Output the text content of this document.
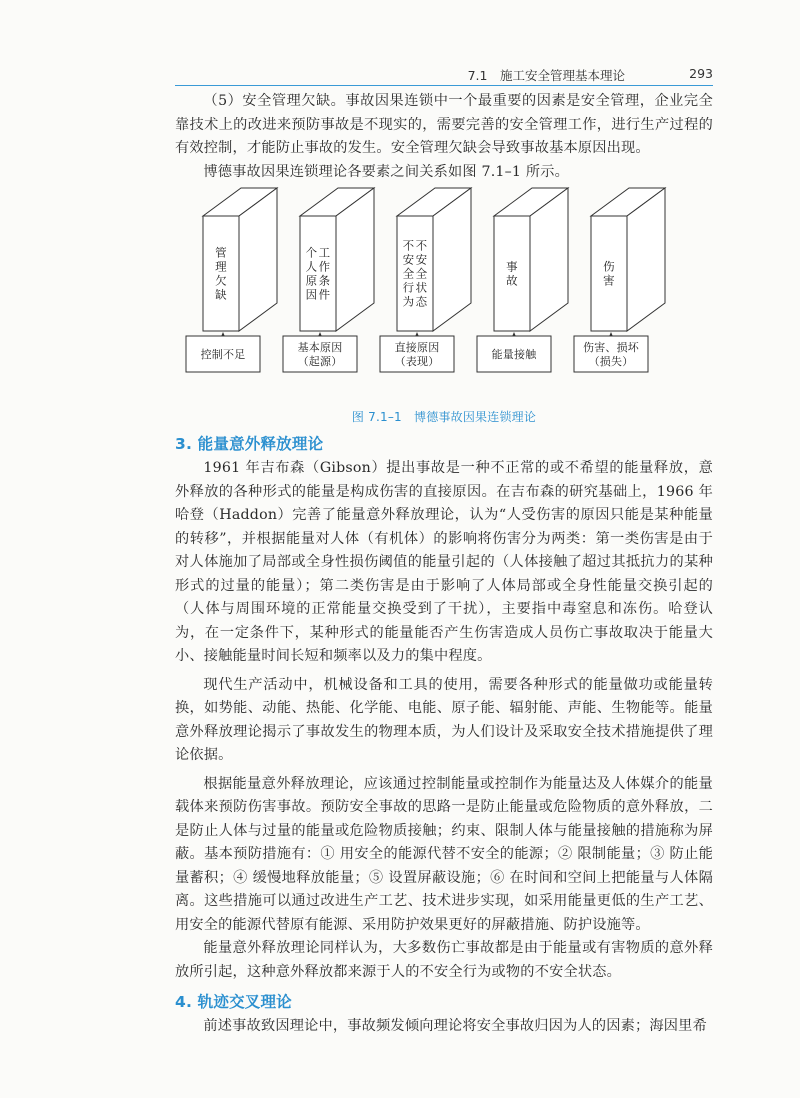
7.1　施工安全管理基本理论	293

（5）安全管理欠缺。事故因果连锁中一个最重要的因素是安全管理，企业完全靠技术上的改进来预防事故是不现实的，需要完善的安全管理工作，进行生产过程的有效控制，才能防止事故的发生。安全管理欠缺会导致事故基本原因出现。

博德事故因果连锁理论各要素之间关系如图 7.1–1 所示。

管
理
欠
缺
控制不足
工
作
条
件
个
人
原
因
基本原因
（起源）
不
安
全
状
态
不
安
全
行
为
直接原因
（表现）
事
故
能量接触
伤
害
伤害、损坏
（损失）
图 7.1–1　博德事故因果连锁理论
3. 能量意外释放理论

1961 年吉布森（Gibson）提出事故是一种不正常的或不希望的能量释放，意外释放的各种形式的能量是构成伤害的直接原因。在吉布森的研究基础上，1966 年哈登（Haddon）完善了能量意外释放理论，认为“人受伤害的原因只能是某种能量的转移”，并根据能量对人体（有机体）的影响将伤害分为两类：第一类伤害是由于对人体施加了局部或全身性损伤阈值的能量引起的（人体接触了超过其抵抗力的某种形式的过量的能量）；第二类伤害是由于影响了人体局部或全身性能量交换引起的（人体与周围环境的正常能量交换受到了干扰），主要指中毒窒息和冻伤。哈登认为，在一定条件下，某种形式的能量能否产生伤害造成人员伤亡事故取决于能量大小、接触能量时间长短和频率以及力的集中程度。

现代生产活动中，机械设备和工具的使用，需要各种形式的能量做功或能量转换，如势能、动能、热能、化学能、电能、原子能、辐射能、声能、生物能等。能量意外释放理论揭示了事故发生的物理本质，为人们设计及采取安全技术措施提供了理论依据。

根据能量意外释放理论，应该通过控制能量或控制作为能量达及人体媒介的能量载体来预防伤害事故。预防安全事故的思路一是防止能量或危险物质的意外释放，二是防止人体与过量的能量或危险物质接触；约束、限制人体与能量接触的措施称为屏蔽。基本预防措施有：① 用安全的能源代替不安全的能源；② 限制能量；③ 防止能量蓄积；④ 缓慢地释放能量；⑤ 设置屏蔽设施；⑥ 在时间和空间上把能量与人体隔离。这些措施可以通过改进生产工艺、技术进步实现，如采用能量更低的生产工艺、用安全的能源代替原有能源、采用防护效果更好的屏蔽措施、防护设施等。

能量意外释放理论同样认为，大多数伤亡事故都是由于能量或有害物质的意外释放所引起，这种意外释放都来源于人的不安全行为或物的不安全状态。

4. 轨迹交叉理论

前述事故致因理论中，事故频发倾向理论将安全事故归因为人的因素；海因里希
